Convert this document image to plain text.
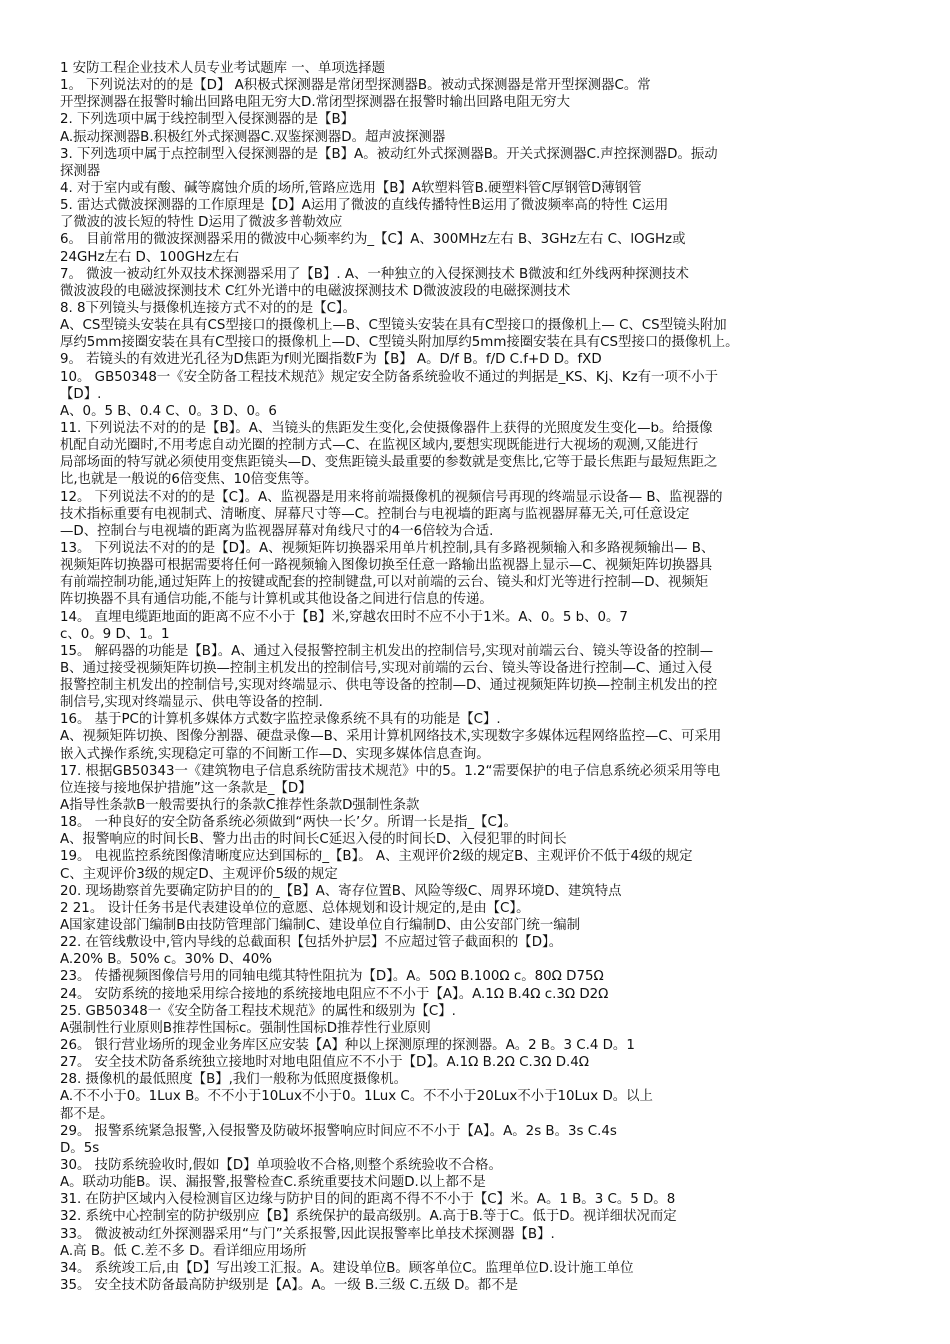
1 安防工程企业技术人员专业考试题库 一、单项选择题
1。 下列说法对的的是【D】 A积极式探测器是常闭型探测器B。被动式探测器是常开型探测器C。常
开型探测器在报警时输出回路电阻无穷大D.常闭型探测器在报警时输出回路电阻无穷大
2. 下列选项中属于线控制型入侵探测器的是【B】
A.振动探测器B.积极红外式探测器C.双鉴探测器D。超声波探测器
3. 下列选项中属于点控制型入侵探测器的是【B】A。被动红外式探测器B。开关式探测器C.声控探测器D。振动
探测器
4. 对于室内或有酸、碱等腐蚀介质的场所,管路应选用【B】A软塑料管B.硬塑料管C厚钢管D薄钢管
5. 雷达式微波探测器的工作原理是【D】A运用了微波的直线传播特性B运用了微波频率高的特性 C运用
了微波的波长短的特性 D运用了微波多普勒效应
6。 目前常用的微波探测器采用的微波中心频率约为_【C】A、300MHz左右 B、3GHz左右 C、lOGHz或
24GHz左右 D、100GHz左右
7。 微波一被动红外双技术探测器采用了【B】. A、一种独立的入侵探测技术 B微波和红外线两种探测技术
微波波段的电磁波探测技术 C红外光谱中的电磁波探测技术 D微波波段的电磁探测技术
8. 8下列镜头与摄像机连接方式不对的的是【C】。
A、CS型镜头安装在具有CS型接口的摄像机上—B、C型镜头安装在具有C型接口的摄像机上— C、CS型镜头附加
厚约5mm接圈安装在具有C型接口的摄像机上—D、C型镜头附加厚约5mm接圈安装在具有CS型接口的摄像机上。
9。 若镜头的有效进光孔径为D焦距为f则光圈指数F为【B】 A。D/f B。f/D C.f+D D。fXD
10。 GB50348一《安全防备工程技术规范》规定安全防备系统验收不通过的判据是_KS、Kj、Kz有一项不小于
【D】.
A、0。5 B、0.4 C、0。3 D、0。6
11. 下列说法不对的的是【B】。A、当镜头的焦距发生变化,会使摄像器件上获得的光照度发生变化—b。给摄像
机配自动光圈时,不用考虑自动光圈的控制方式—C、在监视区域内,要想实现既能进行大视场的观测,又能进行
局部场面的特写就必须使用变焦距镜头—D、变焦距镜头最重要的参数就是变焦比,它等于最长焦距与最短焦距之
比,也就是一般说的6倍变焦、10倍变焦等。
12。 下列说法不对的的是【C】。A、监视器是用来将前端摄像机的视频信号再现的终端显示设备— B、监视器的
技术指标重要有电视制式、清晰度、屏幕尺寸等—C。控制台与电视墙的距离与监视器屏幕无关,可任意设定
—D、控制台与电视墙的距离为监视器屏幕对角线尺寸的4一6倍较为合适.
13。 下列说法不对的的是【D】。A、视频矩阵切换器采用单片机控制,具有多路视频输入和多路视频输出— B、
视频矩阵切换器可根据需要将任何一路视频输入图像切换至任意一路输出监视器上显示—C、视频矩阵切换器具
有前端控制功能,通过矩阵上的按键或配套的控制键盘,可以对前端的云台、镜头和灯光等进行控制—D、视频矩
阵切换器不具有通信功能,不能与计算机或其他设备之间进行信息的传递。
14。 直埋电缆距地面的距离不应不小于【B】米,穿越农田时不应不小于1米。A、0。5 b、0。7
c、0。9 D、1。1
15。 解码器的功能是【B】。A、通过入侵报警控制主机发出的控制信号,实现对前端云台、镜头等设备的控制—
B、通过接受视频矩阵切换—控制主机发出的控制信号,实现对前端的云台、镜头等设备进行控制—C、通过入侵
报警控制主机发出的控制信号,实现对终端显示、供电等设备的控制—D、通过视频矩阵切换—控制主机发出的控
制信号,实现对终端显示、供电等设备的控制.
16。 基于PC的计算机多媒体方式数字监控录像系统不具有的功能是【C】.
A、视频矩阵切换、图像分割器、硬盘录像—B、采用计算机网络技术,实现数字多媒体远程网络监控—C、可采用
嵌入式操作系统,实现稳定可靠的不间断工作—D、实现多媒体信息查询。
17. 根据GB50343一《建筑物电子信息系统防雷技术规范》中的5。1.2“需要保护的电子信息系统必须采用等电
位连接与接地保护措施”这一条款是_【D】
A指导性条款B一般需要执行的条款C推荐性条款D强制性条款
18。 一种良好的安全防备系统必须做到“两快一长’夕。所谓一长是指_【C】。
A、报警响应的时间长B、警力出击的时间长C延迟入侵的时间长D、入侵犯罪的时间长
19。 电视监控系统图像清晰度应达到国标的_【B】。 A、主观评价2级的规定B、主观评价不低于4级的规定
C、主观评价3级的规定D、主观评价5级的规定
20. 现场勘察首先要确定防护目的的_【B】A、寄存位置B、风险等级C、周界环境D、建筑特点
2 21。 设计任务书是代表建设单位的意愿、总体规划和设计规定的,是由【C】。
A国家建设部门编制B由技防管理部门编制C、建设单位自行编制D、由公安部门统一编制
22. 在管线敷设中,管内导线的总截面积【包括外护层】不应超过管子截面积的【D】。
A.20% B。50% c。30% D、40%
23。 传播视频图像信号用的同轴电缆其特性阻抗为【D】。A。50Ω B.100Ω c。80Ω D75Ω
24。 安防系统的接地采用综合接地的系统接地电阻应不不小于【A】。A.1Ω B.4Ω c.3Ω D2Ω
25. GB50348一《安全防备工程技术规范》的属性和级别为【C】.
A强制性行业原则B推荐性国标c。强制性国标D推荐性行业原则
26。 银行营业场所的现金业务库区应安装【A】种以上探测原理的探测器。A。2 B。3 C.4 D。1
27。 安全技术防备系统独立接地时对地电阻值应不不小于【D】。A.1Ω B.2Ω C.3Ω D.4Ω
28. 摄像机的最低照度【B】,我们一般称为低照度摄像机。
A.不不小于0。1Lux B。不不小于10Lux不小于0。1Lux C。不不小于20Lux不小于10Lux D。以上
都不是。
29。 报警系统紧急报警,入侵报警及防破坏报警响应时间应不不小于【A】。A。2s B。3s C.4s
D。5s
30。 技防系统验收时,假如【D】单项验收不合格,则整个系统验收不合格。
A。联动功能B。误、漏报警,报警检查C.系统重要技术问题D.以上都不是
31. 在防护区域内入侵检测盲区边缘与防护目的间的距离不得不不小于【C】米。A。1 B。3 C。5 D。8
32. 系统中心控制室的防护级别应【B】系统保护的最高级别。A.高于B.等于C。低于D。视详细状况而定
33。 微波被动红外探测器采用“与门”关系报警,因此误报警率比单技术探测器【B】.
A.高 B。低 C.差不多 D。看详细应用场所
34。 系统竣工后,由【D】写出竣工汇报。A。建设单位B。顾客单位C。监理单位D.设计施工单位
35。 安全技术防备最高防护级别是【A】。A。一级 B.三级 C.五级 D。都不是
